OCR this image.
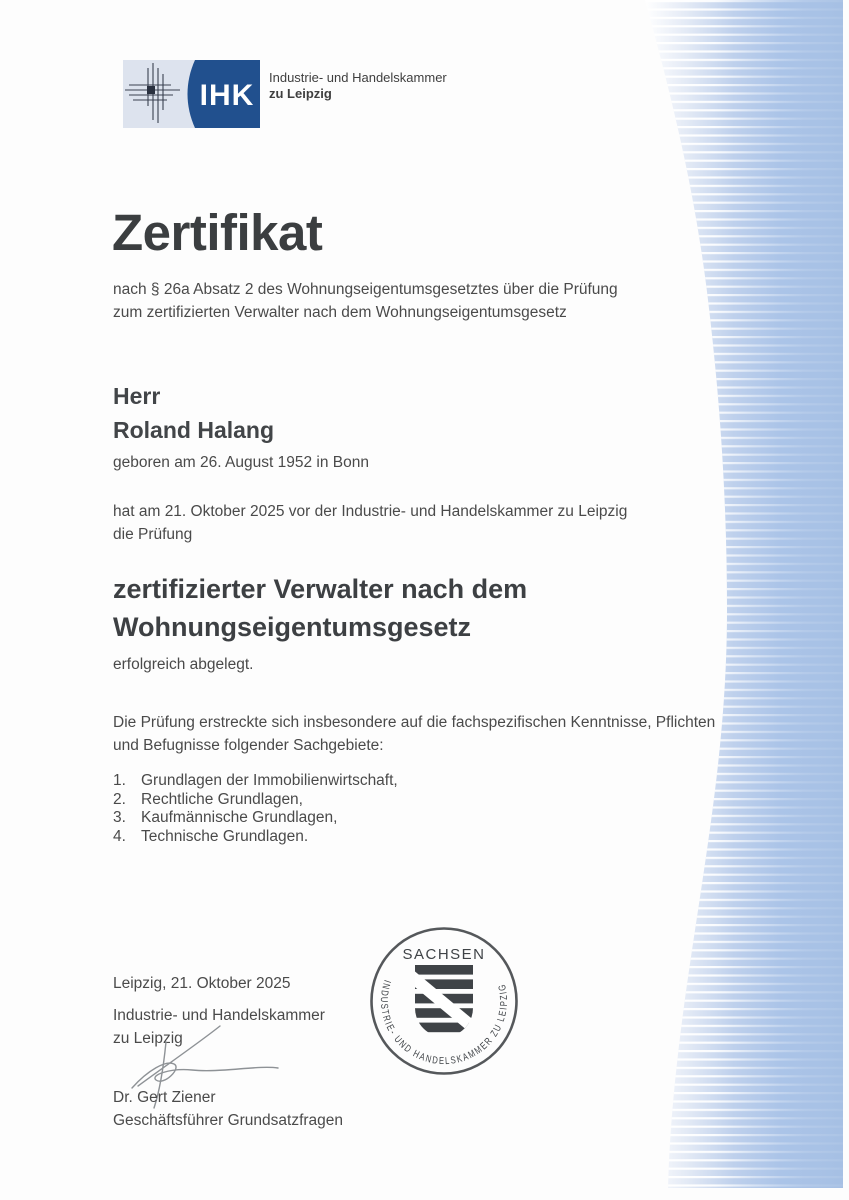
IHK
Industrie- und Handelskammer
zu Leipzig
Zertifikat
nach § 26a Absatz 2 des Wohnungseigentumsgesetztes über die Prüfung
zum zertifizierten Verwalter nach dem Wohnungseigentumsgesetz
Herr
Roland Halang
geboren am 26. August 1952 in Bonn
hat am 21. Oktober 2025 vor der Industrie- und Handelskammer zu Leipzig
die Prüfung
zertifizierter Verwalter nach dem
Wohnungseigentumsgesetz
erfolgreich abgelegt.
Die Prüfung erstreckte sich insbesondere auf die fachspezifischen Kenntnisse, Pflichten
und Befugnisse folgender Sachgebiete:
1. Grundlagen der Immobilienwirtschaft,
2. Rechtliche Grundlagen,
3. Kaufmännische Grundlagen,
4. Technische Grundlagen.
SACHSEN
INDUSTRIE- UND HANDELSKAMMER ZU LEIPZIG
Leipzig, 21. Oktober 2025
Industrie- und Handelskammer
zu Leipzig
Dr. Gert Ziener
Geschäftsführer Grundsatzfragen
